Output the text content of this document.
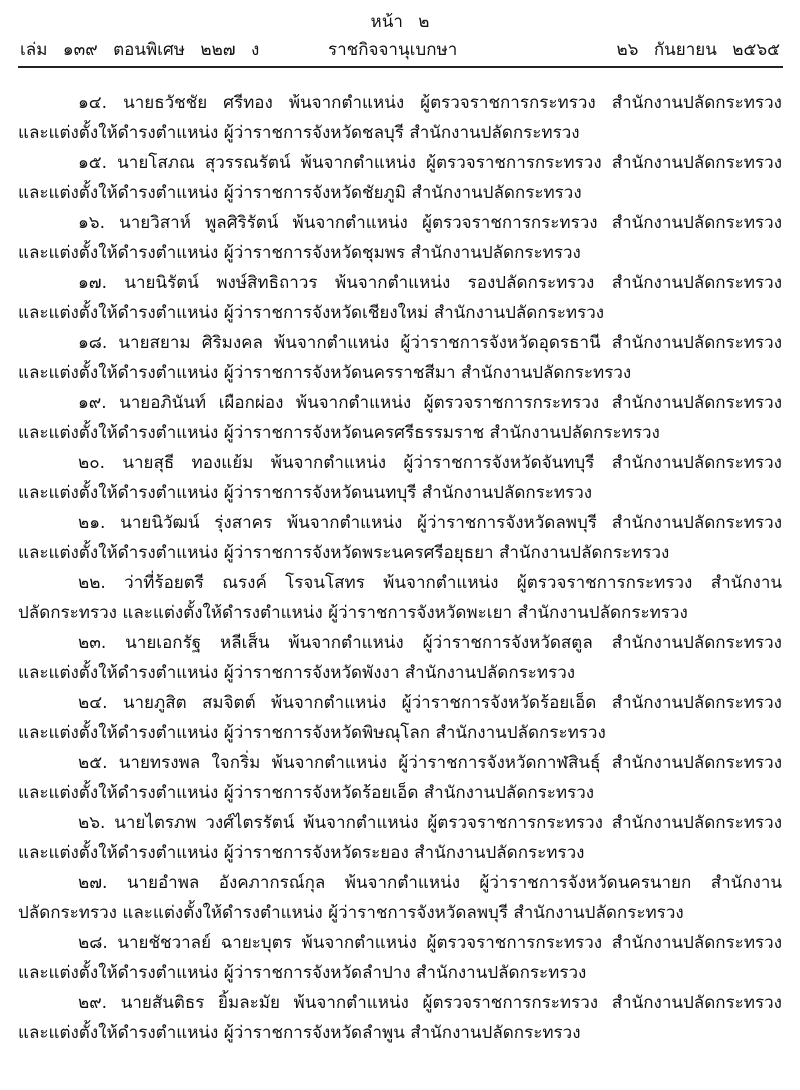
หน้า ๒
เล่ม ๑๓๙ ตอนพิเศษ ๒๒๗ ง	ราชกิจจานุเบกษา	๒๖ กันยายน ๒๕๖๕
๑๔. นายธวัชชัย ศรีทอง พ้นจากตำแหน่ง ผู้ตรวจราชการกระทรวง สำนักงานปลัดกระทรวง
และแต่งตั้งให้ดำรงตำแหน่ง ผู้ว่าราชการจังหวัดชลบุรี สำนักงานปลัดกระทรวง
๑๕. นายโสภณ สุวรรณรัตน์ พ้นจากตำแหน่ง ผู้ตรวจราชการกระทรวง สำนักงานปลัดกระทรวง
และแต่งตั้งให้ดำรงตำแหน่ง ผู้ว่าราชการจังหวัดชัยภูมิ สำนักงานปลัดกระทรวง
๑๖. นายวิสาห์ พูลศิริรัตน์ พ้นจากตำแหน่ง ผู้ตรวจราชการกระทรวง สำนักงานปลัดกระทรวง
และแต่งตั้งให้ดำรงตำแหน่ง ผู้ว่าราชการจังหวัดชุมพร สำนักงานปลัดกระทรวง
๑๗. นายนิรัตน์ พงษ์สิทธิถาวร พ้นจากตำแหน่ง รองปลัดกระทรวง สำนักงานปลัดกระทรวง
และแต่งตั้งให้ดำรงตำแหน่ง ผู้ว่าราชการจังหวัดเชียงใหม่ สำนักงานปลัดกระทรวง
๑๘. นายสยาม ศิริมงคล พ้นจากตำแหน่ง ผู้ว่าราชการจังหวัดอุดรธานี สำนักงานปลัดกระทรวง
และแต่งตั้งให้ดำรงตำแหน่ง ผู้ว่าราชการจังหวัดนครราชสีมา สำนักงานปลัดกระทรวง
๑๙. นายอภินันท์ เผือกผ่อง พ้นจากตำแหน่ง ผู้ตรวจราชการกระทรวง สำนักงานปลัดกระทรวง
และแต่งตั้งให้ดำรงตำแหน่ง ผู้ว่าราชการจังหวัดนครศรีธรรมราช สำนักงานปลัดกระทรวง
๒๐. นายสุธี ทองแย้ม พ้นจากตำแหน่ง ผู้ว่าราชการจังหวัดจันทบุรี สำนักงานปลัดกระทรวง
และแต่งตั้งให้ดำรงตำแหน่ง ผู้ว่าราชการจังหวัดนนทบุรี สำนักงานปลัดกระทรวง
๒๑. นายนิวัฒน์ รุ่งสาคร พ้นจากตำแหน่ง ผู้ว่าราชการจังหวัดลพบุรี สำนักงานปลัดกระทรวง
และแต่งตั้งให้ดำรงตำแหน่ง ผู้ว่าราชการจังหวัดพระนครศรีอยุธยา สำนักงานปลัดกระทรวง
๒๒. ว่าที่ร้อยตรี ณรงค์ โรจนโสทร พ้นจากตำแหน่ง ผู้ตรวจราชการกระทรวง สำนักงาน
ปลัดกระทรวง และแต่งตั้งให้ดำรงตำแหน่ง ผู้ว่าราชการจังหวัดพะเยา สำนักงานปลัดกระทรวง
๒๓. นายเอกรัฐ หลีเส็น พ้นจากตำแหน่ง ผู้ว่าราชการจังหวัดสตูล สำนักงานปลัดกระทรวง
และแต่งตั้งให้ดำรงตำแหน่ง ผู้ว่าราชการจังหวัดพังงา สำนักงานปลัดกระทรวง
๒๔. นายภูสิต สมจิตต์ พ้นจากตำแหน่ง ผู้ว่าราชการจังหวัดร้อยเอ็ด สำนักงานปลัดกระทรวง
และแต่งตั้งให้ดำรงตำแหน่ง ผู้ว่าราชการจังหวัดพิษณุโลก สำนักงานปลัดกระทรวง
๒๕. นายทรงพล ใจกริ่ม พ้นจากตำแหน่ง ผู้ว่าราชการจังหวัดกาฬสินธุ์ สำนักงานปลัดกระทรวง
และแต่งตั้งให้ดำรงตำแหน่ง ผู้ว่าราชการจังหวัดร้อยเอ็ด สำนักงานปลัดกระทรวง
๒๖. นายไตรภพ วงศ์ไตรรัตน์ พ้นจากตำแหน่ง ผู้ตรวจราชการกระทรวง สำนักงานปลัดกระทรวง
และแต่งตั้งให้ดำรงตำแหน่ง ผู้ว่าราชการจังหวัดระยอง สำนักงานปลัดกระทรวง
๒๗. นายอำพล อังคภากรณ์กุล พ้นจากตำแหน่ง ผู้ว่าราชการจังหวัดนครนายก สำนักงาน
ปลัดกระทรวง และแต่งตั้งให้ดำรงตำแหน่ง ผู้ว่าราชการจังหวัดลพบุรี สำนักงานปลัดกระทรวง
๒๘. นายชัชวาลย์ ฉายะบุตร พ้นจากตำแหน่ง ผู้ตรวจราชการกระทรวง สำนักงานปลัดกระทรวง
และแต่งตั้งให้ดำรงตำแหน่ง ผู้ว่าราชการจังหวัดลำปาง สำนักงานปลัดกระทรวง
๒๙. นายสันติธร ยิ้มละมัย พ้นจากตำแหน่ง ผู้ตรวจราชการกระทรวง สำนักงานปลัดกระทรวง
และแต่งตั้งให้ดำรงตำแหน่ง ผู้ว่าราชการจังหวัดลำพูน สำนักงานปลัดกระทรวง
